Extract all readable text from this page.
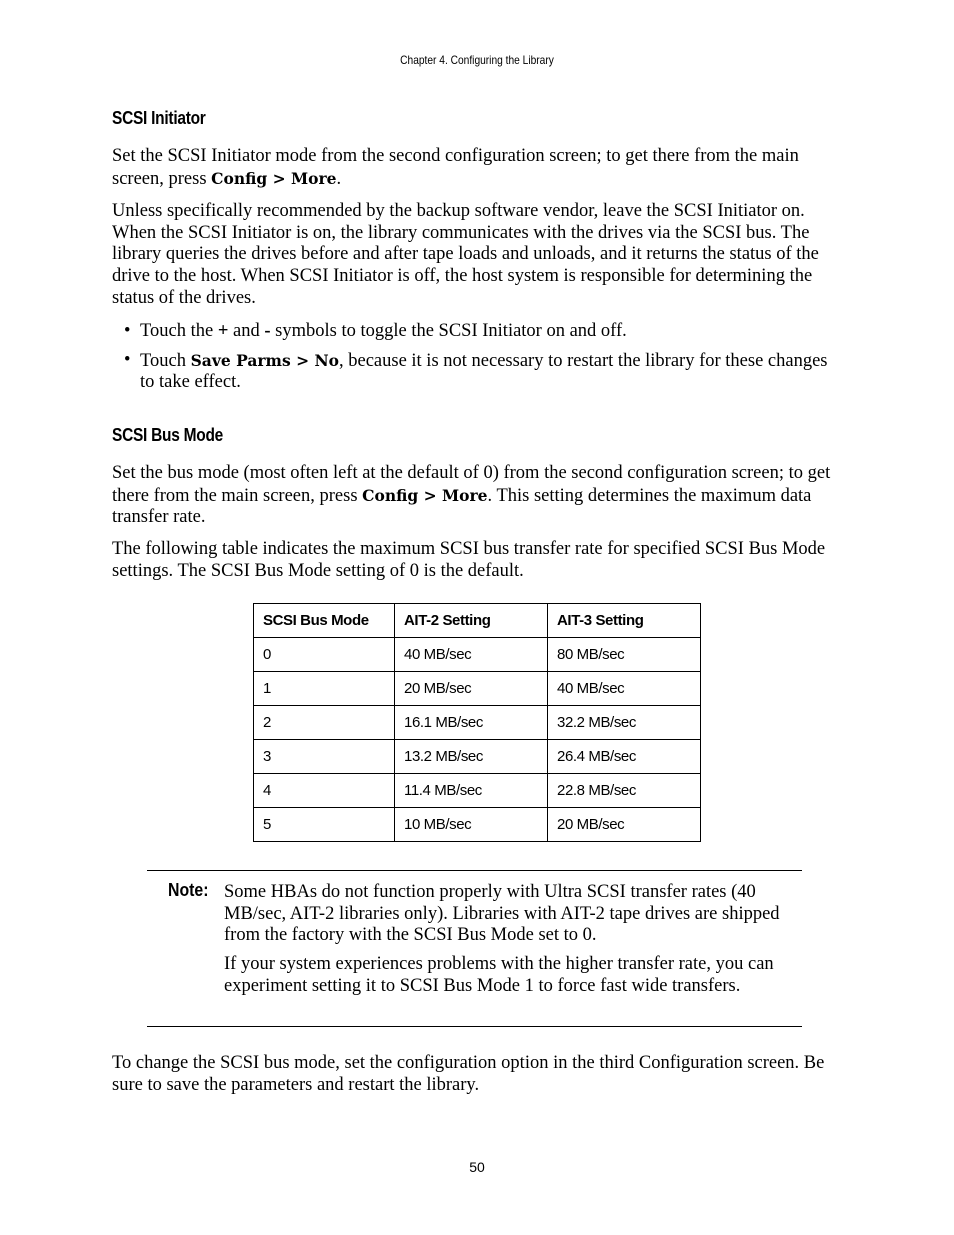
Chapter 4. Configuring the Library
SCSI Initiator

Set the SCSI Initiator mode from the second configuration screen; to get there from the main screen, press Config > More.

Unless specifically recommended by the backup software vendor, leave the SCSI Initiator on. When the SCSI Initiator is on, the library communicates with the drives via the SCSI bus. The library queries the drives before and after tape loads and unloads, and it returns the status of the drive to the host. When SCSI Initiator is off, the host system is responsible for determining the status of the drives.

• Touch the + and - symbols to toggle the SCSI Initiator on and off.
• Touch Save Parms > No, because it is not necessary to restart the library for these changes to take effect.
SCSI Bus Mode

Set the bus mode (most often left at the default of 0) from the second configuration screen; to get there from the main screen, press Config > More. This setting determines the maximum data transfer rate.

The following table indicates the maximum SCSI bus transfer rate for specified SCSI Bus Mode settings. The SCSI Bus Mode setting of 0 is the default.

SCSI Bus Mode	AIT-2 Setting	AIT-3 Setting
0	40 MB/sec	80 MB/sec
1	20 MB/sec	40 MB/sec
2	16.1 MB/sec	32.2 MB/sec
3	13.2 MB/sec	26.4 MB/sec
4	11.4 MB/sec	22.8 MB/sec
5	10 MB/sec	20 MB/sec
Note: Some HBAs do not function properly with Ultra SCSI transfer rates (40 MB/sec, AIT-2 libraries only). Libraries with AIT-2 tape drives are shipped from the factory with the SCSI Bus Mode set to 0.

If your system experiences problems with the higher transfer rate, you can experiment setting it to SCSI Bus Mode 1 to force fast wide transfers.

To change the SCSI bus mode, set the configuration option in the third Configuration screen. Be sure to save the parameters and restart the library.

50
